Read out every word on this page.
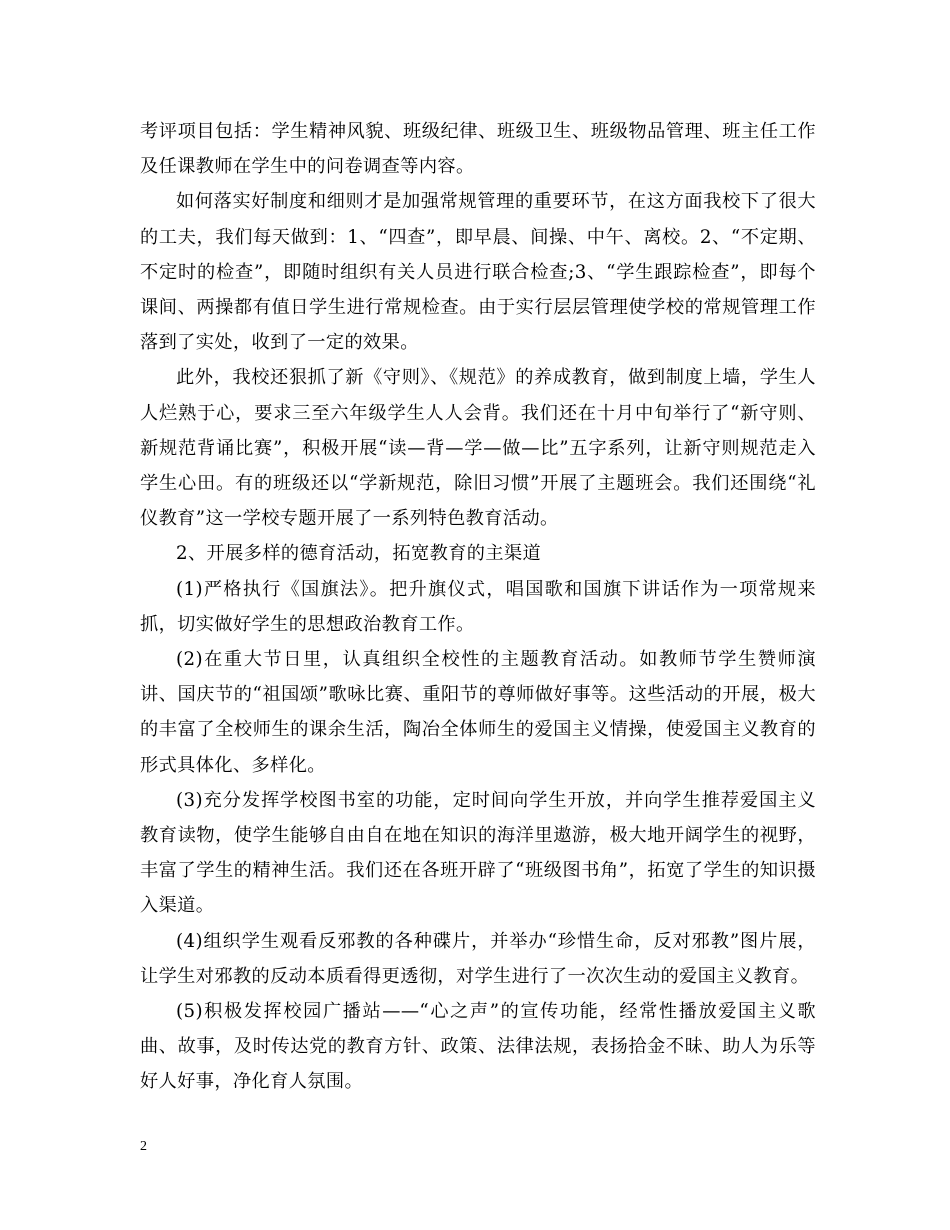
考评项目包括：学生精神风貌、班级纪律、班级卫生、班级物品管理、班主任工作及任课教师在学生中的问卷调查等内容。

如何落实好制度和细则才是加强常规管理的重要环节，在这方面我校下了很大的工夫，我们每天做到：1、“四查”，即早晨、间操、中午、离校。2、“不定期、不定时的检查”，即随时组织有关人员进行联合检查;3、“学生跟踪检查”，即每个课间、两操都有值日学生进行常规检查。由于实行层层管理使学校的常规管理工作落到了实处，收到了一定的效果。

此外，我校还狠抓了新《守则》、《规范》的养成教育，做到制度上墙，学生人人烂熟于心，要求三至六年级学生人人会背。我们还在十月中旬举行了“新守则、新规范背诵比赛”，积极开展“读—背—学—做—比”五字系列，让新守则规范走入学生心田。有的班级还以“学新规范，除旧习惯”开展了主题班会。我们还围绕“礼仪教育”这一学校专题开展了一系列特色教育活动。

2、开展多样的德育活动，拓宽教育的主渠道

(1)严格执行《国旗法》。把升旗仪式，唱国歌和国旗下讲话作为一项常规来抓，切实做好学生的思想政治教育工作。

(2)在重大节日里，认真组织全校性的主题教育活动。如教师节学生赞师演讲、国庆节的“祖国颂”歌咏比赛、重阳节的尊师做好事等。这些活动的开展，极大的丰富了全校师生的课余生活，陶冶全体师生的爱国主义情操，使爱国主义教育的形式具体化、多样化。

(3)充分发挥学校图书室的功能，定时间向学生开放，并向学生推荐爱国主义教育读物，使学生能够自由自在地在知识的海洋里遨游，极大地开阔学生的视野，丰富了学生的精神生活。我们还在各班开辟了“班级图书角”，拓宽了学生的知识摄入渠道。

(4)组织学生观看反邪教的各种碟片，并举办“珍惜生命，反对邪教”图片展，让学生对邪教的反动本质看得更透彻，对学生进行了一次次生动的爱国主义教育。

(5)积极发挥校园广播站——“心之声”的宣传功能，经常性播放爱国主义歌曲、故事，及时传达党的教育方针、政策、法律法规，表扬拾金不昧、助人为乐等好人好事，净化育人氛围。

2
